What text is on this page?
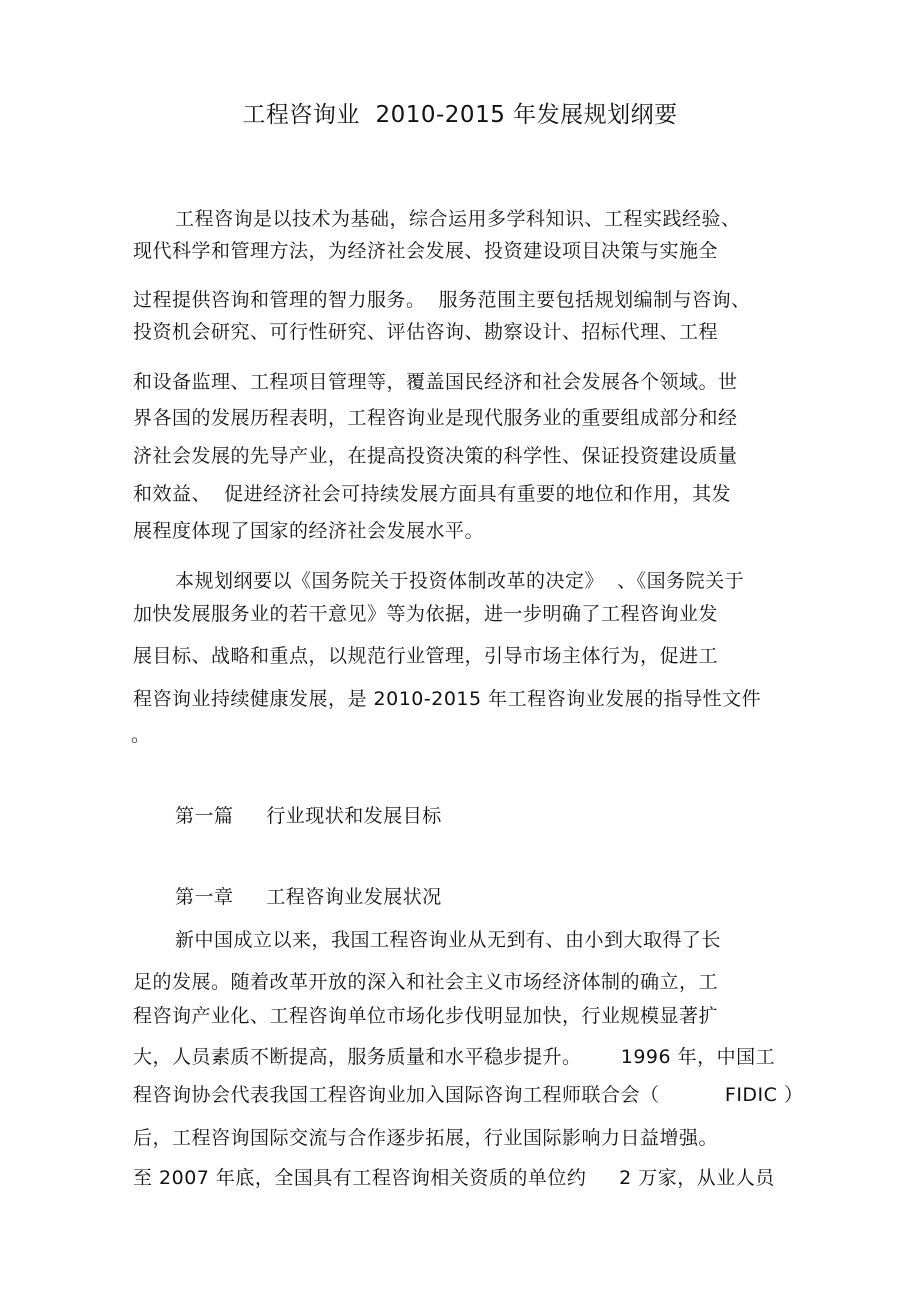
工程咨询业  2010-2015 年发展规划纲要
工程咨询是以技术为基础，综合运用多学科知识、工程实践经验、
现代科学和管理方法，为经济社会发展、投资建设项目决策与实施全
过程提供咨询和管理的智力服务。  服务范围主要包括规划编制与咨询、
投资机会研究、可行性研究、评估咨询、勘察设计、招标代理、工程
和设备监理、工程项目管理等，覆盖国民经济和社会发展各个领域。世
界各国的发展历程表明，工程咨询业是现代服务业的重要组成部分和经
济社会发展的先导产业，在提高投资决策的科学性、保证投资建设质量
和效益、  促进经济社会可持续发展方面具有重要的地位和作用，其发
展程度体现了国家的经济社会发展水平。
本规划纲要以《国务院关于投资体制改革的决定》  、《国务院关于
加快发展服务业的若干意见》等为依据，进一步明确了工程咨询业发
展目标、战略和重点，以规范行业管理，引导市场主体行为，促进工
程咨询业持续健康发展，是 2010-2015 年工程咨询业发展的指导性文件
。
第一篇     行业现状和发展目标
第一章     工程咨询业发展状况
新中国成立以来，我国工程咨询业从无到有、由小到大取得了长
足的发展。随着改革开放的深入和社会主义市场经济体制的确立，工
程咨询产业化、工程咨询单位市场化步伐明显加快，行业规模显著扩
大，人员素质不断提高，服务质量和水平稳步提升。      1996 年，中国工
程咨询协会代表我国工程咨询业加入国际咨询工程师联合会（          FIDIC ）
后，工程咨询国际交流与合作逐步拓展，行业国际影响力日益增强。
至 2007 年底，全国具有工程咨询相关资质的单位约     2 万家，从业人员
